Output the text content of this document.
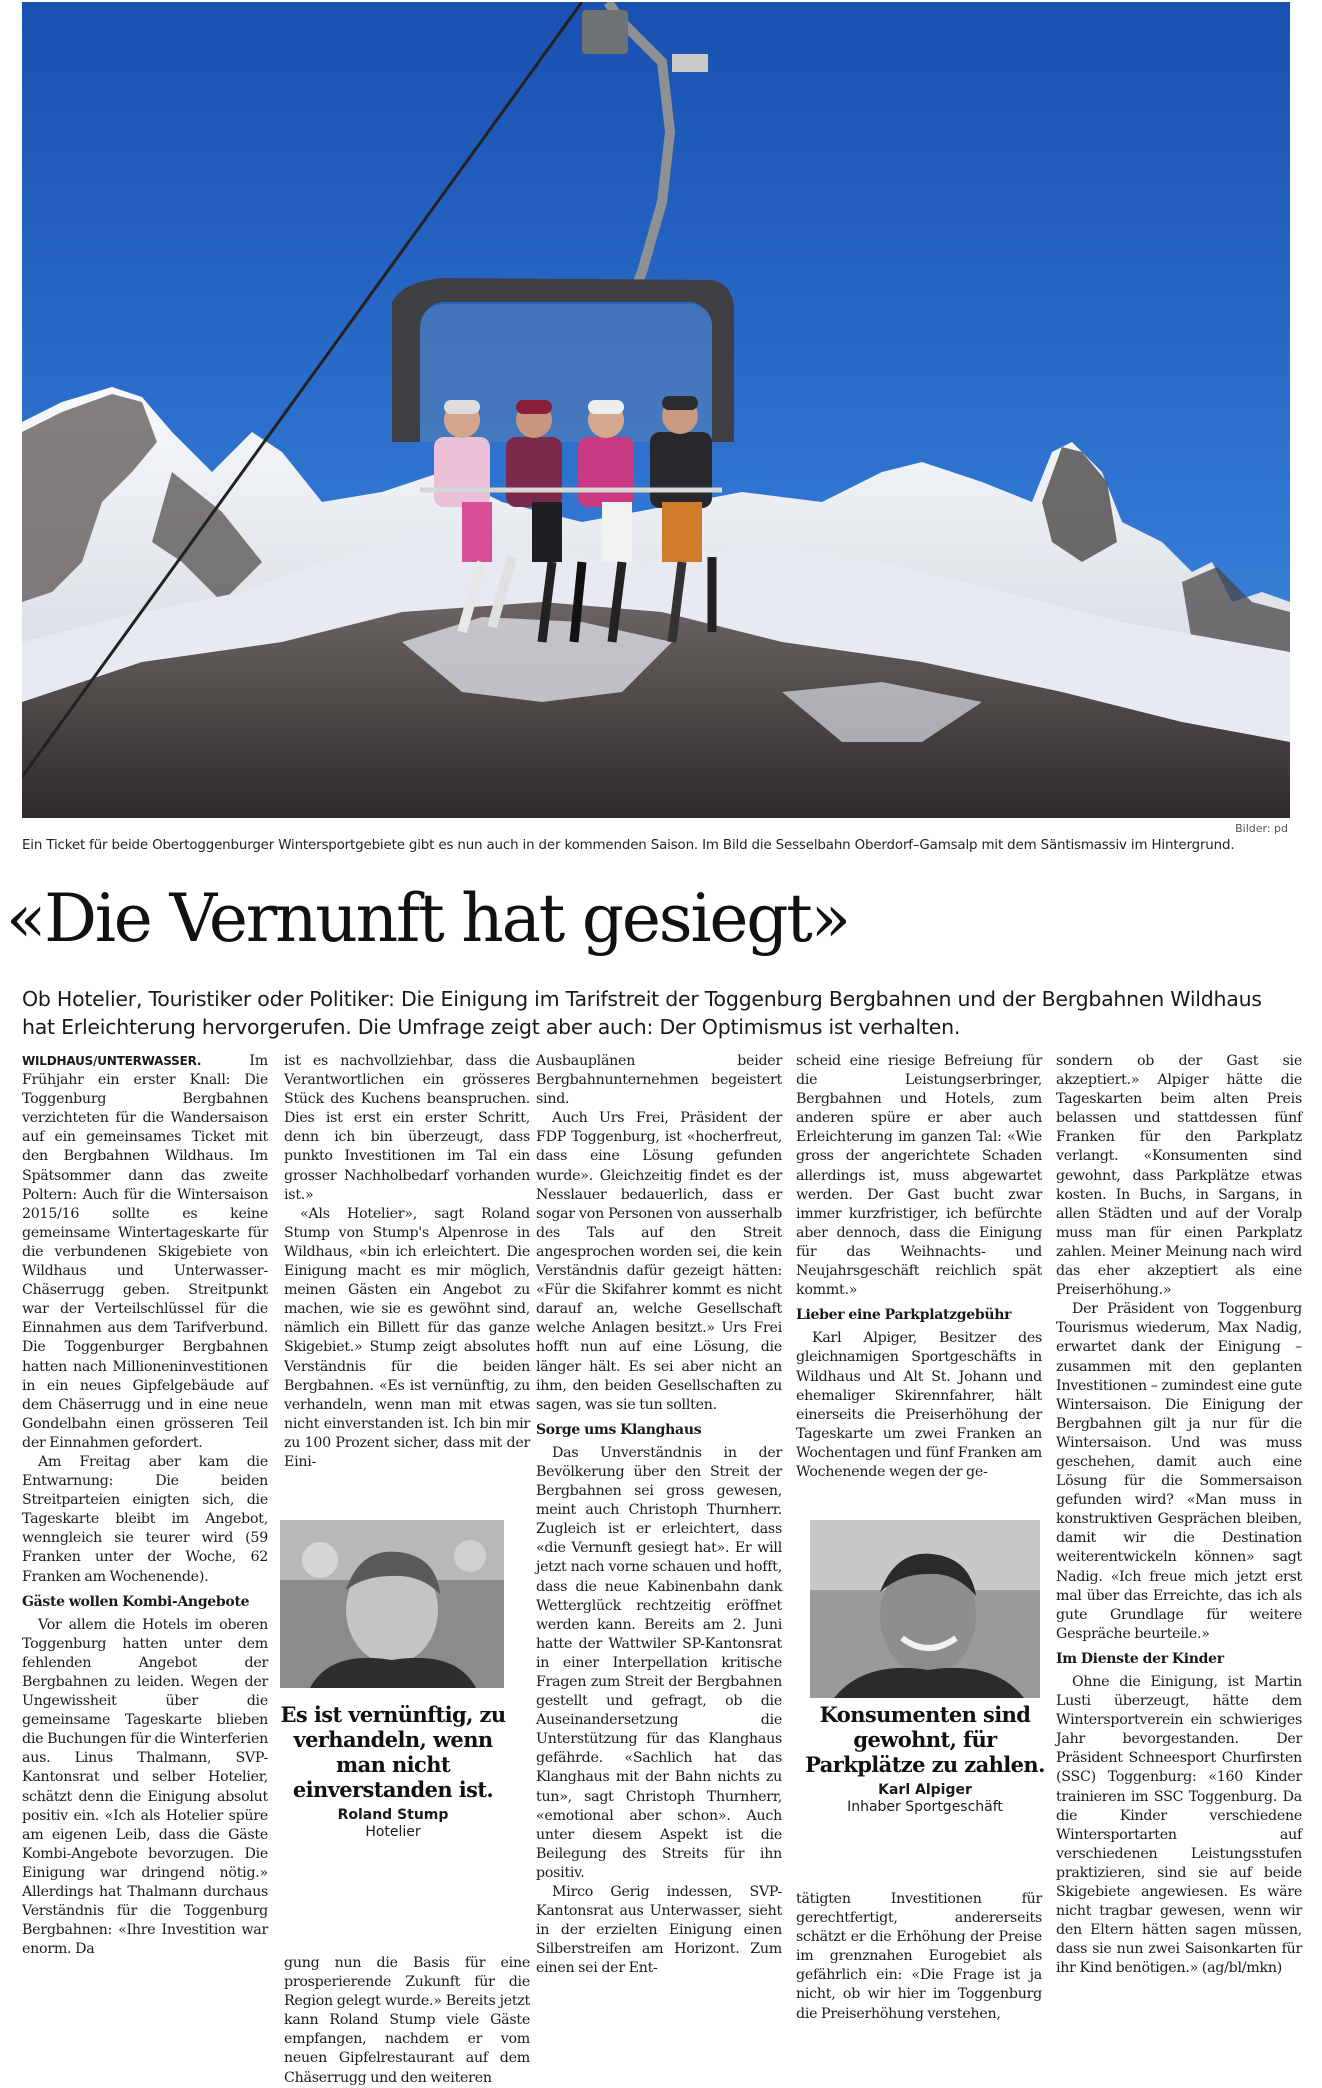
Bilder: pd
Ein Ticket für beide Obertoggenburger Wintersportgebiete gibt es nun auch in der kommenden Saison. Im Bild die Sesselbahn Oberdorf–Gamsalp mit dem Säntismassiv im Hintergrund.
«Die Vernunft hat gesiegt»

Ob Hotelier, Touristiker oder Politiker: Die Einigung im Tarifstreit der Toggenburg Bergbahnen und der Bergbahnen Wildhaus hat Erleichterung hervorgerufen. Die Umfrage zeigt aber auch: Der Optimismus ist verhalten.

WILDHAUS/UNTERWASSER. Im Frühjahr ein erster Knall: Die Toggenburg Bergbahnen verzichteten für die Wandersaison auf ein gemeinsames Ticket mit den Bergbahnen Wildhaus. Im Spätsommer dann das zweite Poltern: Auch für die Wintersaison 2015/16 sollte es keine gemeinsame Wintertageskarte für die verbundenen Skigebiete von Wildhaus und Unterwasser-Chäserrugg geben. Streitpunkt war der Verteilschlüssel für die Einnahmen aus dem Tarifverbund. Die Toggenburger Bergbahnen hatten nach Millioneninvestitionen in ein neues Gipfelgebäude auf dem Chäserrugg und in eine neue Gondelbahn einen grösseren Teil der Einnahmen gefordert.

Am Freitag aber kam die Entwarnung: Die beiden Streitparteien einigten sich, die Tageskarte bleibt im Angebot, wenngleich sie teurer wird (59 Franken unter der Woche, 62 Franken am Wochenende).

Gäste wollen Kombi-Angebote

Vor allem die Hotels im oberen Toggenburg hatten unter dem fehlenden Angebot der Bergbahnen zu leiden. Wegen der Ungewissheit über die gemeinsame Tageskarte blieben die Buchungen für die Winterferien aus. Linus Thalmann, SVP-Kantonsrat und selber Hotelier, schätzt denn die Einigung absolut positiv ein. «Ich als Hotelier spüre am eigenen Leib, dass die Gäste Kombi-Angebote bevorzugen. Die Einigung war dringend nötig.» Allerdings hat Thalmann durchaus Verständnis für die Toggenburg Bergbahnen: «Ihre Investition war enorm. Da

ist es nachvollziehbar, dass die Verantwortlichen ein grösseres Stück des Kuchens beanspruchen. Dies ist erst ein erster Schritt, denn ich bin überzeugt, dass punkto Investitionen im Tal ein grosser Nachholbedarf vorhanden ist.»

«Als Hotelier», sagt Roland Stump von Stump's Alpenrose in Wildhaus, «bin ich erleichtert. Die Einigung macht es mir möglich, meinen Gästen ein Angebot zu machen, wie sie es gewöhnt sind, nämlich ein Billett für das ganze Skigebiet.» Stump zeigt absolutes Verständnis für die beiden Bergbahnen. «Es ist vernünftig, zu verhandeln, wenn man mit etwas nicht einverstanden ist. Ich bin mir zu 100 Prozent sicher, dass mit der Eini-

Es ist vernünftig, zu verhandeln, wenn man nicht einverstanden ist.
Roland Stump
Hotelier

gung nun die Basis für eine prosperierende Zukunft für die Region gelegt wurde.» Bereits jetzt kann Roland Stump viele Gäste empfangen, nachdem er vom neuen Gipfelrestaurant auf dem Chäserrugg und den weiteren

Ausbauplänen beider Bergbahnunternehmen begeistert sind.

Auch Urs Frei, Präsident der FDP Toggenburg, ist «hocherfreut, dass eine Lösung gefunden wurde». Gleichzeitig findet es der Nesslauer bedauerlich, dass er sogar von Personen von ausserhalb des Tals auf den Streit angesprochen worden sei, die kein Verständnis dafür gezeigt hätten: «Für die Skifahrer kommt es nicht darauf an, welche Gesellschaft welche Anlagen besitzt.» Urs Frei hofft nun auf eine Lösung, die länger hält. Es sei aber nicht an ihm, den beiden Gesellschaften zu sagen, was sie tun sollten.

Sorge ums Klanghaus

Das Unverständnis in der Bevölkerung über den Streit der Bergbahnen sei gross gewesen, meint auch Christoph Thurnherr. Zugleich ist er erleichtert, dass «die Vernunft gesiegt hat». Er will jetzt nach vorne schauen und hofft, dass die neue Kabinenbahn dank Wetterglück rechtzeitig eröffnet werden kann. Bereits am 2. Juni hatte der Wattwiler SP-Kantonsrat in einer Interpellation kritische Fragen zum Streit der Bergbahnen gestellt und gefragt, ob die Auseinandersetzung die Unterstützung für das Klanghaus gefährde. «Sachlich hat das Klanghaus mit der Bahn nichts zu tun», sagt Christoph Thurnherr, «emotional aber schon». Auch unter diesem Aspekt ist die Beilegung des Streits für ihn positiv.

Mirco Gerig indessen, SVP-Kantonsrat aus Unterwasser, sieht in der erzielten Einigung einen Silberstreifen am Horizont. Zum einen sei der Ent-

scheid eine riesige Befreiung für die Leistungserbringer, Bergbahnen und Hotels, zum anderen spüre er aber auch Erleichterung im ganzen Tal: «Wie gross der angerichtete Schaden allerdings ist, muss abgewartet werden. Der Gast bucht zwar immer kurzfristiger, ich befürchte aber dennoch, dass die Einigung für das Weihnachts- und Neujahrsgeschäft reichlich spät kommt.»

Lieber eine Parkplatzgebühr

Karl Alpiger, Besitzer des gleichnamigen Sportgeschäfts in Wildhaus und Alt St. Johann und ehemaliger Skirennfahrer, hält einerseits die Preiserhöhung der Tageskarte um zwei Franken an Wochentagen und fünf Franken am Wochenende wegen der ge-

Konsumenten sind gewohnt, für Parkplätze zu zahlen.
Karl Alpiger
Inhaber Sportgeschäft

tätigten Investitionen für gerechtfertigt, andererseits schätzt er die Erhöhung der Preise im grenznahen Eurogebiet als gefährlich ein: «Die Frage ist ja nicht, ob wir hier im Toggenburg die Preiserhöhung verstehen,

sondern ob der Gast sie akzeptiert.» Alpiger hätte die Tageskarten beim alten Preis belassen und stattdessen fünf Franken für den Parkplatz verlangt. «Konsumenten sind gewohnt, dass Parkplätze etwas kosten. In Buchs, in Sargans, in allen Städten und auf der Voralp muss man für einen Parkplatz zahlen. Meiner Meinung nach wird das eher akzeptiert als eine Preiserhöhung.»

Der Präsident von Toggenburg Tourismus wiederum, Max Nadig, erwartet dank der Einigung – zusammen mit den geplanten Investitionen – zumindest eine gute Wintersaison. Die Einigung der Bergbahnen gilt ja nur für die Wintersaison. Und was muss geschehen, damit auch eine Lösung für die Sommersaison gefunden wird? «Man muss in konstruktiven Gesprächen bleiben, damit wir die Destination weiterentwickeln können» sagt Nadig. «Ich freue mich jetzt erst mal über das Erreichte, das ich als gute Grundlage für weitere Gespräche beurteile.»

Im Dienste der Kinder

Ohne die Einigung, ist Martin Lusti überzeugt, hätte dem Wintersportverein ein schwieriges Jahr bevorgestanden. Der Präsident Schneesport Churfirsten (SSC) Toggenburg: «160 Kinder trainieren im SSC Toggenburg. Da die Kinder verschiedene Wintersportarten auf verschiedenen Leistungsstufen praktizieren, sind sie auf beide Skigebiete angewiesen. Es wäre nicht tragbar gewesen, wenn wir den Eltern hätten sagen müssen, dass sie nun zwei Saisonkarten für ihr Kind benötigen.» (ag/bl/mkn)
